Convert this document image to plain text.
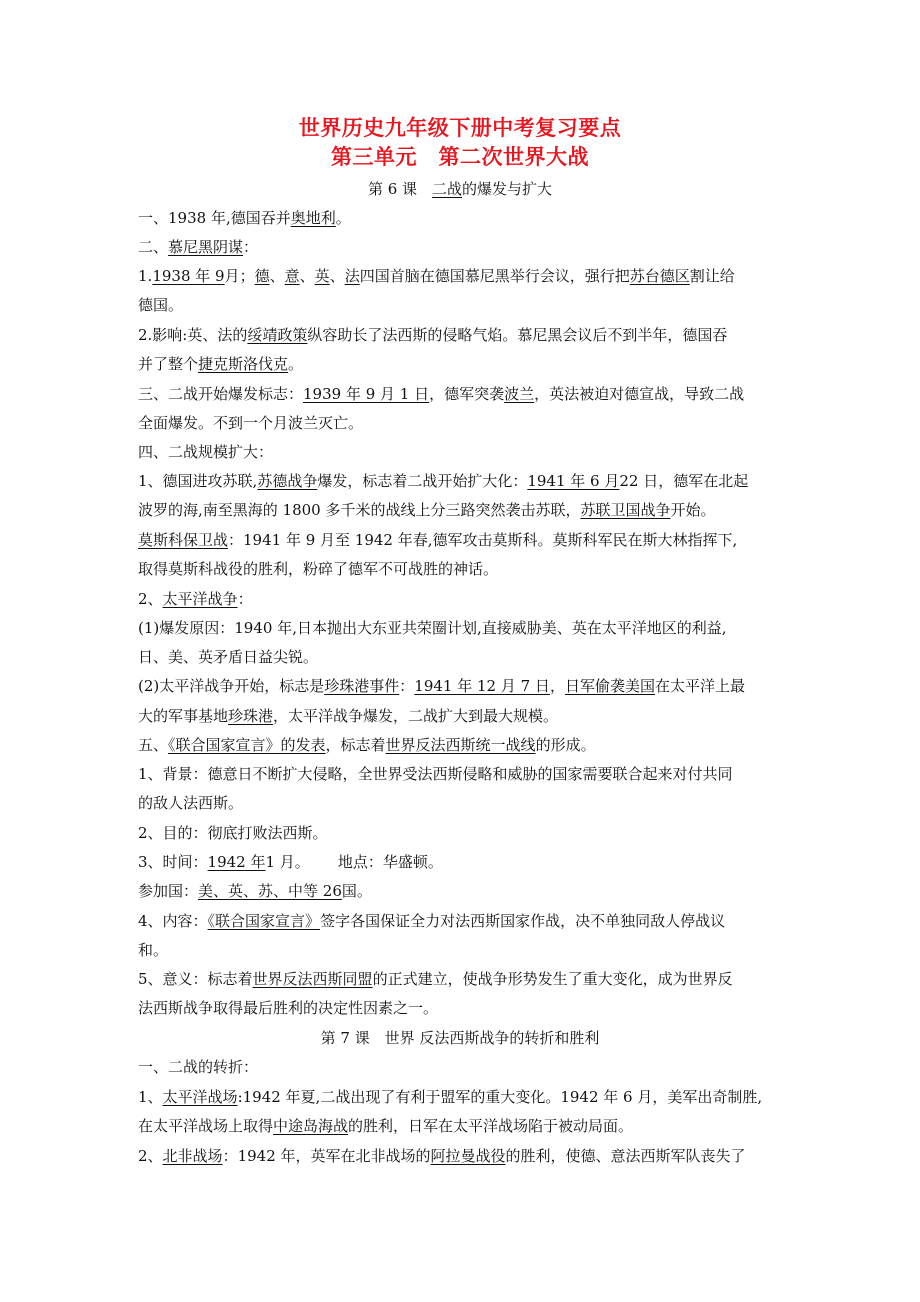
世界历史九年级下册中考复习要点
第三单元　第二次世界大战
第 6 课　二战的爆发与扩大
一、1938 年,德国吞并奥地利。
二、慕尼黑阴谋：
1.1938 年 9月；德、意、英、法四国首脑在德国慕尼黑举行会议，强行把苏台德区割让给
德国。
2.影响:英、法的绥靖政策纵容助长了法西斯的侵略气焰。慕尼黑会议后不到半年，德国吞
并了整个捷克斯洛伐克。
三、二战开始爆发标志：1939 年 9 月 1 日，德军突袭波兰，英法被迫对德宣战，导致二战
全面爆发。不到一个月波兰灭亡。
四、二战规模扩大：
1、德国进攻苏联,苏德战争爆发，标志着二战开始扩大化：1941 年 6 月22 日，德军在北起
波罗的海,南至黑海的 1800 多千米的战线上分三路突然袭击苏联，苏联卫国战争开始。
莫斯科保卫战：1941 年 9 月至 1942 年春,德军攻击莫斯科。莫斯科军民在斯大林指挥下,
取得莫斯科战役的胜利，粉碎了德军不可战胜的神话。
2、太平洋战争：
(1)爆发原因：1940 年,日本抛出大东亚共荣圈计划,直接威胁美、英在太平洋地区的利益,
日、美、英矛盾日益尖锐。
(2)太平洋战争开始，标志是珍珠港事件：1941 年 12 月 7 日，日军偷袭美国在太平洋上最
大的军事基地珍珠港，太平洋战争爆发，二战扩大到最大规模。
五、《联合国家宣言》的发表，标志着世界反法西斯统一战线的形成。
1、背景：德意日不断扩大侵略，全世界受法西斯侵略和威胁的国家需要联合起来对付共同
的敌人法西斯。
2、目的：彻底打败法西斯。
3、时间：1942 年1 月。 地点：华盛顿。
参加国：美、英、苏、中等 26国。
4、内容：《联合国家宣言》签字各国保证全力对法西斯国家作战，决不单独同敌人停战议
和。
5、意义：标志着世界反法西斯同盟的正式建立，使战争形势发生了重大变化，成为世界反
法西斯战争取得最后胜利的决定性因素之一。
第 7 课　世界 反法西斯战争的转折和胜利
一、二战的转折：
1、太平洋战场:1942 年夏,二战出现了有利于盟军的重大变化。1942 年 6 月，美军出奇制胜,
在太平洋战场上取得中途岛海战的胜利，日军在太平洋战场陷于被动局面。
2、北非战场：1942 年，英军在北非战场的阿拉曼战役的胜利，使德、意法西斯军队丧失了
